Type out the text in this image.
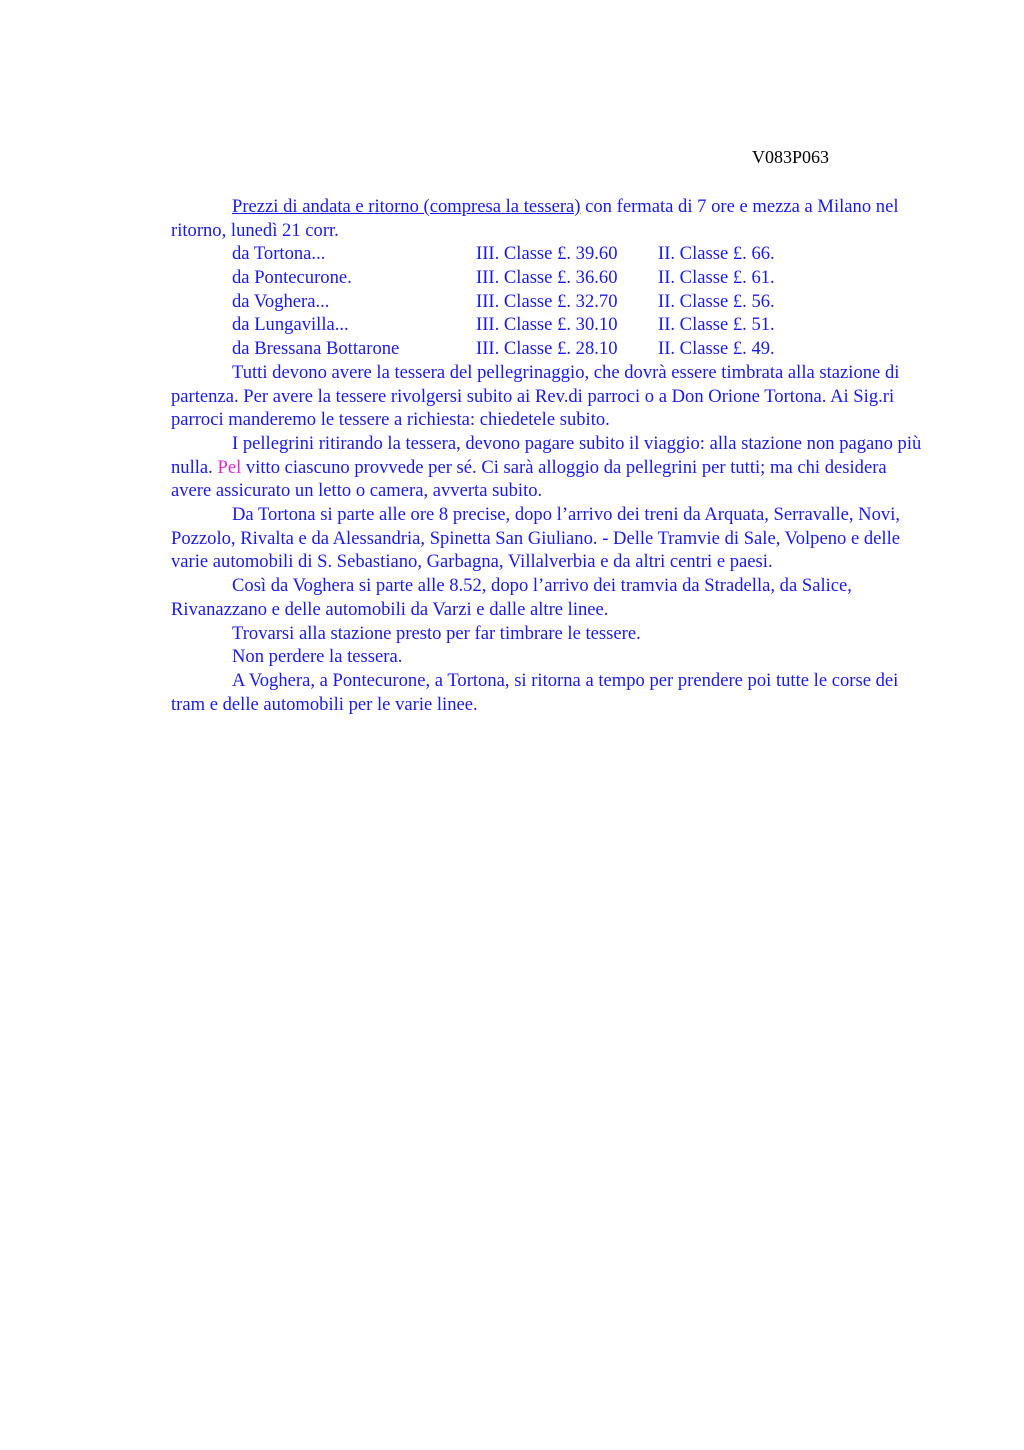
V083P063

Prezzi di andata e ritorno (compresa la tessera) con fermata di 7 ore e mezza a Milano nel ritorno, lunedì 21 corr.

da Tortona...	III. Classe £. 39.60	II. Classe £. 66.
da Pontecurone.	III. Classe £. 36.60	II. Classe £. 61.
da Voghera...	III. Classe £. 32.70	II. Classe £. 56.
da Lungavilla...	III. Classe £. 30.10	II. Classe £. 51.
da Bressana Bottarone	III. Classe £. 28.10	II. Classe £. 49.

Tutti devono avere la tessera del pellegrinaggio, che dovrà essere timbrata alla stazione di partenza. Per avere la tessere rivolgersi subito ai Rev.di parroci o a Don Orione Tortona. Ai Sig.ri parroci manderemo le tessere a richiesta: chiedetele subito.

I pellegrini ritirando la tessera, devono pagare subito il viaggio: alla stazione non pagano più nulla. Pel vitto ciascuno provvede per sé. Ci sarà alloggio da pellegrini per tutti; ma chi desidera avere assicurato un letto o camera, avverta subito.

Da Tortona si parte alle ore 8 precise, dopo l’arrivo dei treni da Arquata, Serravalle, Novi, Pozzolo, Rivalta e da Alessandria, Spinetta San Giuliano. - Delle Tramvie di Sale, Volpeno e delle varie automobili di S. Sebastiano, Garbagna, Villalverbia e da altri centri e paesi.

Così da Voghera si parte alle 8.52, dopo l’arrivo dei tramvia da Stradella, da Salice, Rivanazzano e delle automobili da Varzi e dalle altre linee.

Trovarsi alla stazione presto per far timbrare le tessere.

Non perdere la tessera.

A Voghera, a Pontecurone, a Tortona, si ritorna a tempo per prendere poi tutte le corse dei tram e delle automobili per le varie linee.
